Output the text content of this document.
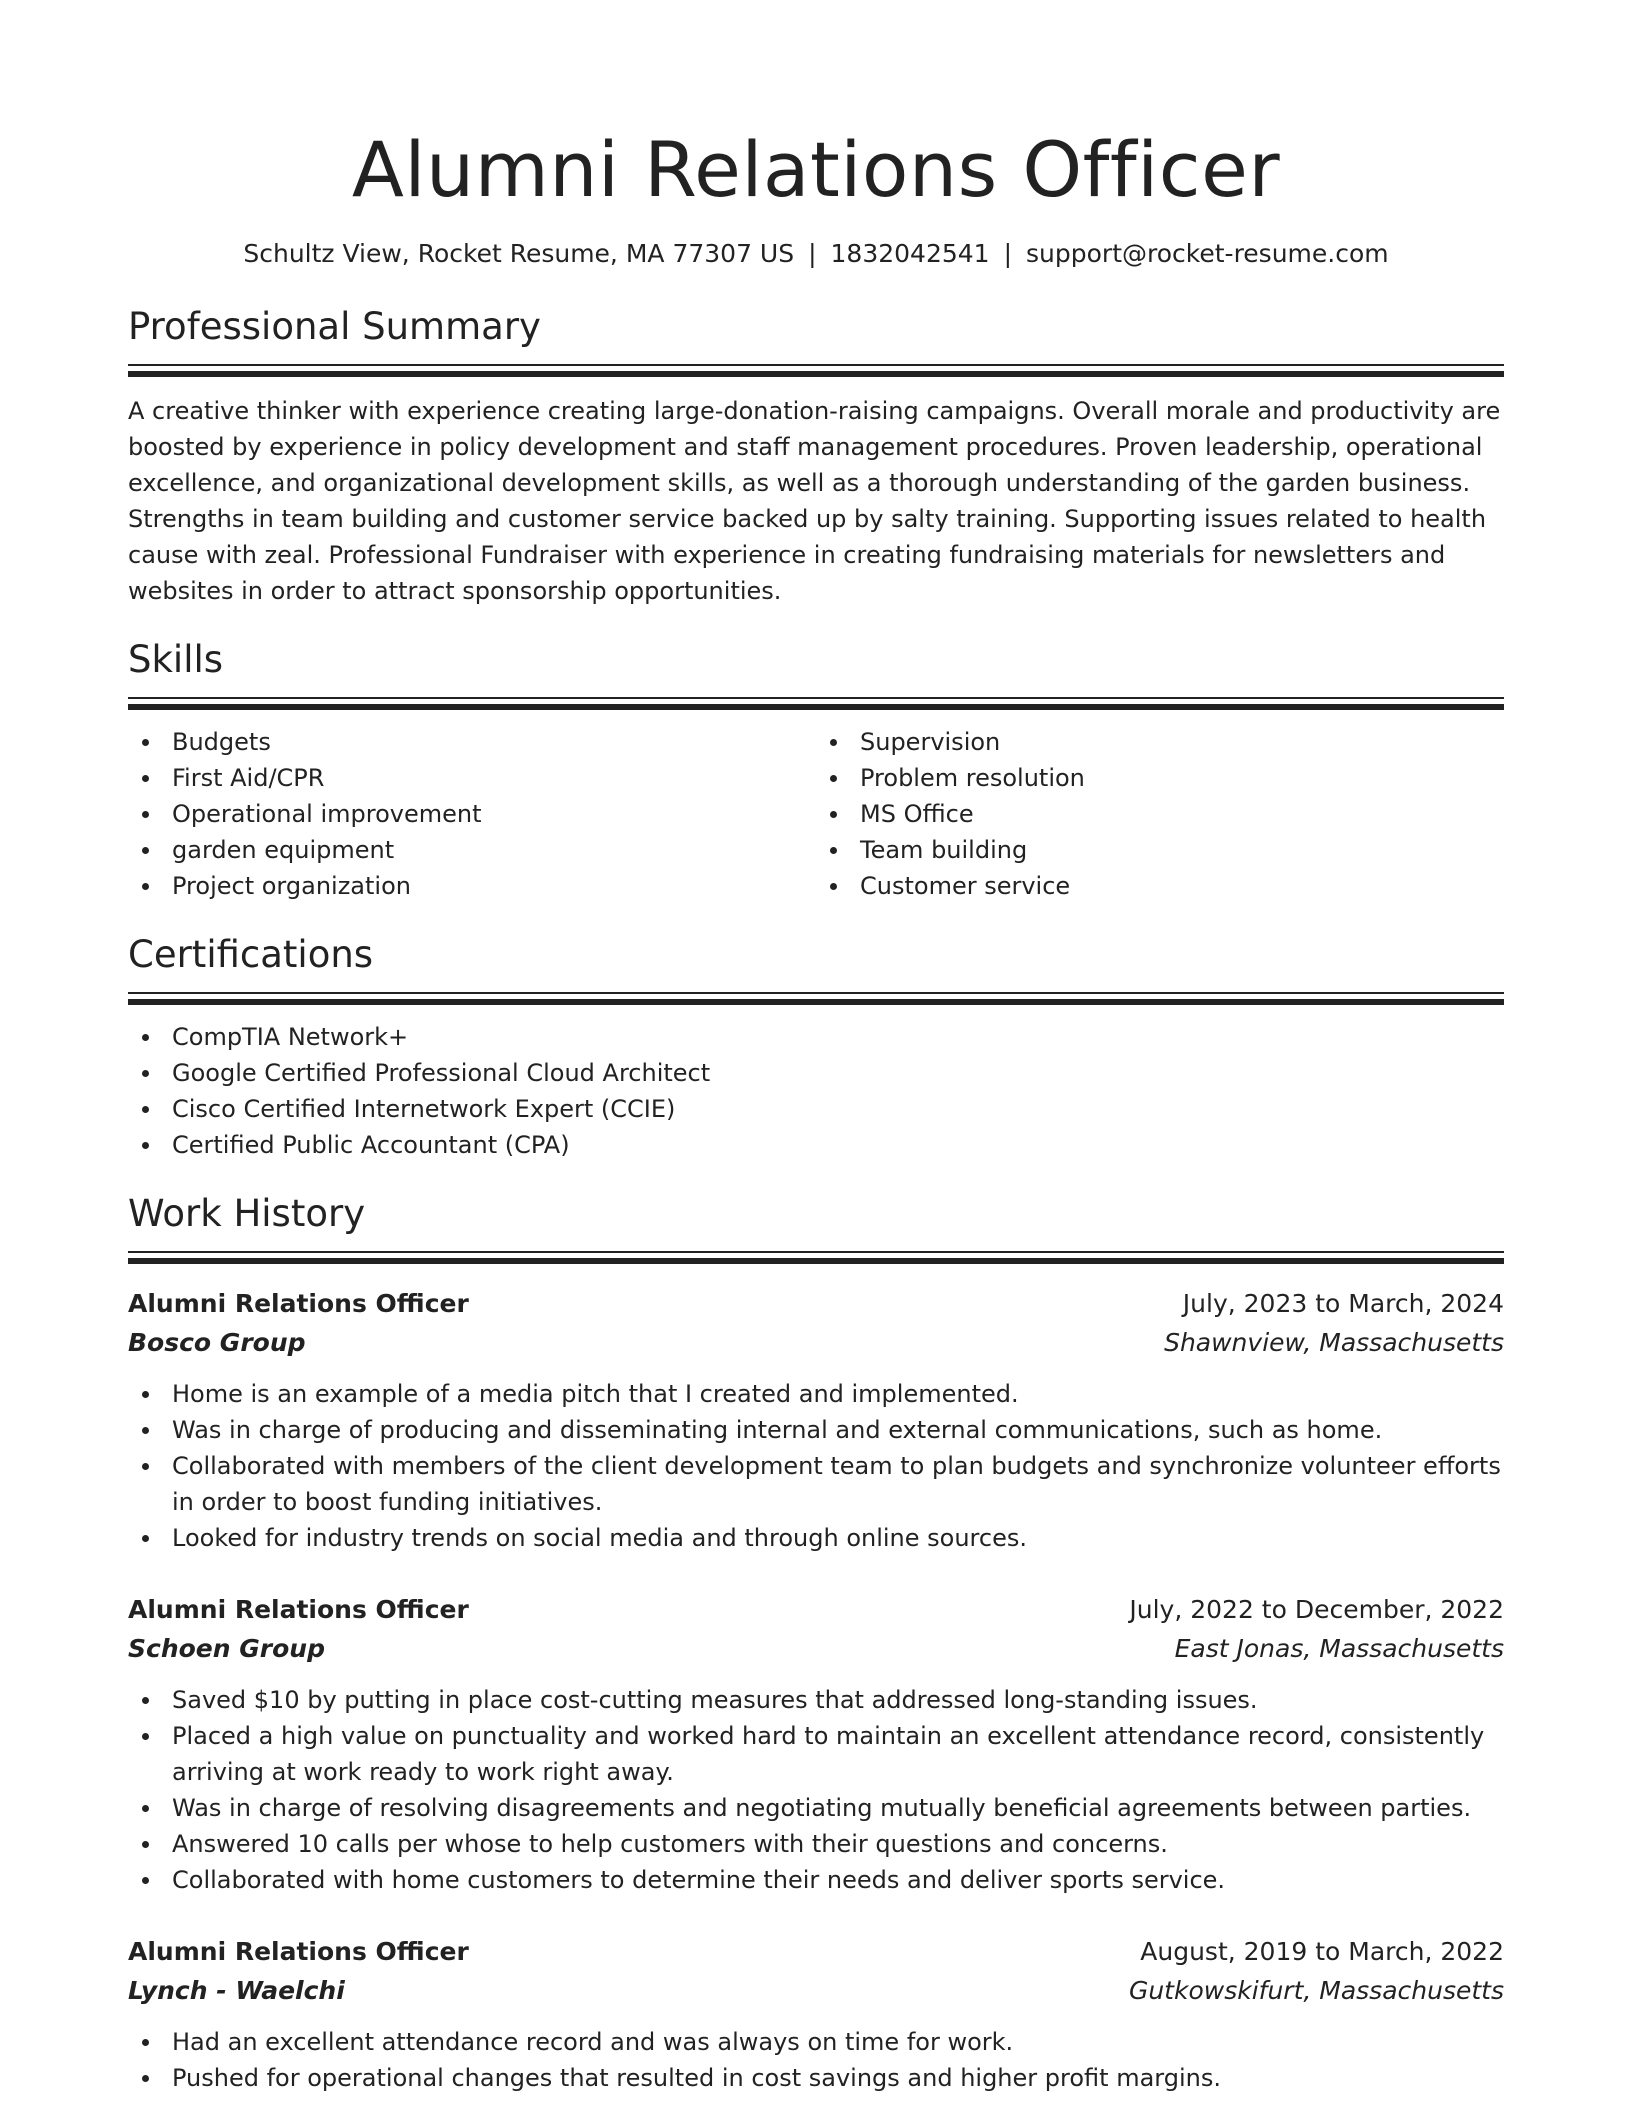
Alumni Relations Officer
Schultz View, Rocket Resume, MA 77307 US | 1832042541 | support@rocket-resume.com
Professional Summary

A creative thinker with experience creating large-donation-raising campaigns. Overall morale and productivity are boosted by experience in policy development and staff management procedures. Proven leadership, operational excellence, and organizational development skills, as well as a thorough understanding of the garden business. Strengths in team building and customer service backed up by salty training. Supporting issues related to health cause with zeal. Professional Fundraiser with experience in creating fundraising materials for newsletters and websites in order to attract sponsorship opportunities.

Skills
Budgets
First Aid/CPR
Operational improvement
garden equipment
Project organization
Supervision
Problem resolution
MS Office
Team building
Customer service
Certifications
CompTIA Network+
Google Certified Professional Cloud Architect
Cisco Certified Internetwork Expert (CCIE)
Certified Public Accountant (CPA)
Work History
Alumni Relations Officer	July, 2023 to March, 2024
Bosco Group	Shawnview, Massachusetts
Home is an example of a media pitch that I created and implemented.
Was in charge of producing and disseminating internal and external communications, such as home.
Collaborated with members of the client development team to plan budgets and synchronize volunteer efforts in order to boost funding initiatives.
Looked for industry trends on social media and through online sources.
Alumni Relations Officer	July, 2022 to December, 2022
Schoen Group	East Jonas, Massachusetts
Saved $10 by putting in place cost-cutting measures that addressed long-standing issues.
Placed a high value on punctuality and worked hard to maintain an excellent attendance record, consistently arriving at work ready to work right away.
Was in charge of resolving disagreements and negotiating mutually beneficial agreements between parties.
Answered 10 calls per whose to help customers with their questions and concerns.
Collaborated with home customers to determine their needs and deliver sports service.
Alumni Relations Officer	August, 2019 to March, 2022
Lynch - Waelchi	Gutkowskifurt, Massachusetts
Had an excellent attendance record and was always on time for work.
Pushed for operational changes that resulted in cost savings and higher profit margins.
